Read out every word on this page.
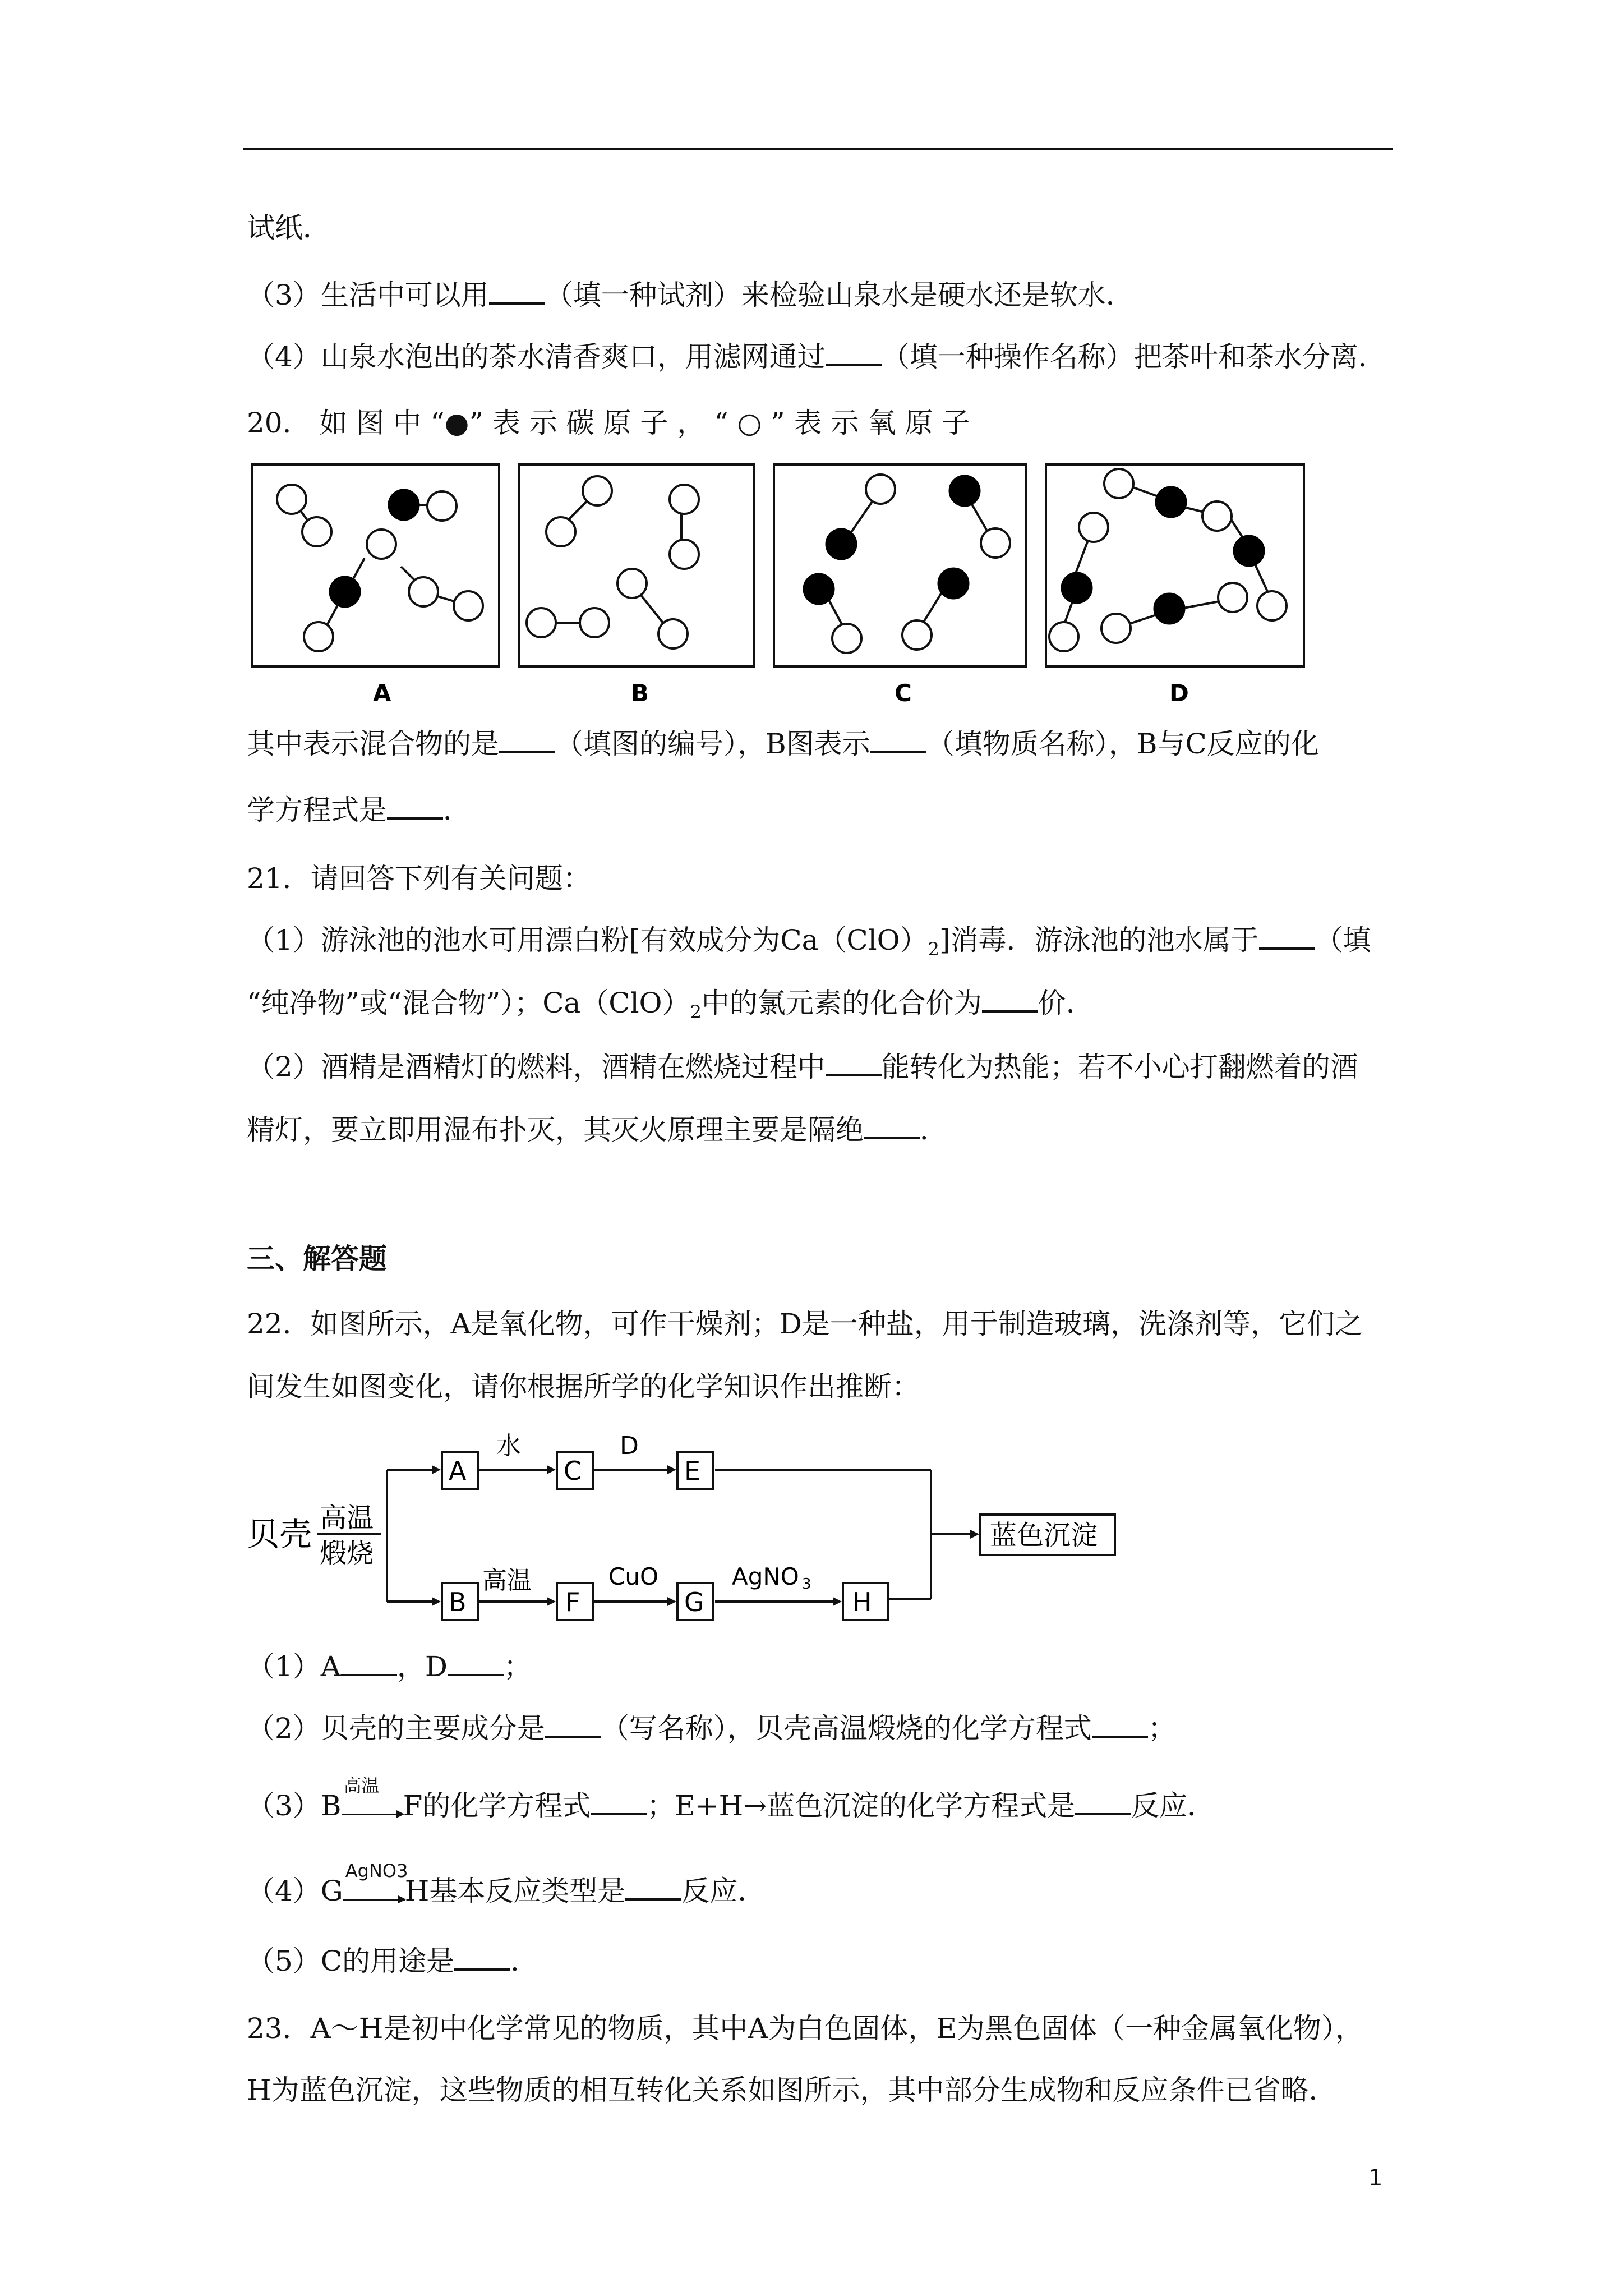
试纸．
（3）生活中可以用 （填一种试剂）来检验山泉水是硬水还是软水．
（4）山泉水泡出的茶水清香爽口，用滤网通过 （填一种操作名称）把茶叶和茶水分离．
20． 如 图 中 “●” 表 示 碳 原 子 ， “ ○ ” 表 示 氧 原 子
A	B	C	D
其中表示混合物的是 （填图的编号），B图表示 （填物质名称），B与C反应的化
学方程式是 ．
21．请回答下列有关问题：
（1）游泳池的池水可用漂白粉[有效成分为$Ca(ClO)_2$]消毒．游泳池的池水属于 （填
“纯净物”或“混合物”）；$Ca(ClO)_2$中的氯元素的化合价为 价．
（2）酒精是酒精灯的燃料，酒精在燃烧过程中 能转化为热能；若不小心打翻燃着的酒
精灯，要立即用湿布扑灭，其灭火原理主要是隔绝 ．
三、解答题
22．如图所示，A是氧化物，可作干燥剂；D是一种盐，用于制造玻璃，洗涤剂等，它们之
间发生如图变化，请你根据所学的化学知识作出推断：
贝壳 高温
煅烧
A
水
C
D
E
蓝色沉淀
B
高温
F
CuO
G
AgNO 3
H
（1）A ，D ；
（2）贝壳的主要成分是 （写名称），贝壳高温煅烧的化学方程式 ；
（3）B
高温
F的化学方程式 ；E+H→蓝色沉淀的化学方程式是 反应．
（4）G
AgNO3
H基本反应类型是 反应．
（5）C的用途是 ．
23．A～H是初中化学常见的物质，其中A为白色固体，E为黑色固体（一种金属氧化物），
H为蓝色沉淀，这些物质的相互转化关系如图所示，其中部分生成物和反应条件已省略．
1
